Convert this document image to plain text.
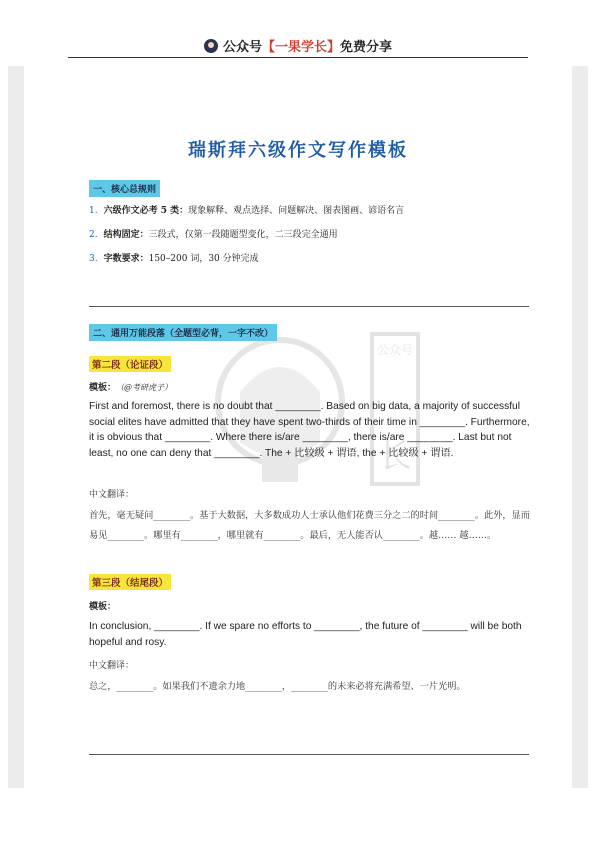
公众号【一果学长】免费分享
公众号
长
瑞斯拜六级作文写作模板
一、核心总规则
1. 六级作文必考 5 类：现象解释、观点选择、问题解决、图表图画、谚语名言
2. 结构固定：三段式，仅第一段随题型变化，二三段完全通用
3. 字数要求：150–200 词，30 分钟完成
二、通用万能段落（全题型必背，一字不改）
第二段（论证段）
模板：（@考研虎子）
First and foremost, there is no doubt that ________. Based on big data, a majority of successful social elites have admitted that they have spent two-thirds of their time in ________. Furthermore, it is obvious that ________. Where there is/are ________, there is/are ________. Last but not least, no one can deny that ________. The + 比较级 + 谓语, the + 比较级 + 谓语.
中文翻译：
首先，毫无疑问________。基于大数据，大多数成功人士承认他们花费三分之二的时间________。此外，显而易见________。哪里有________，哪里就有________。最后，无人能否认________。越…… 越……。
第三段（结尾段）
模板：
In conclusion, ________. If we spare no efforts to ________, the future of ________ will be both hopeful and rosy.
中文翻译：
总之，________。如果我们不遗余力地________，________的未来必将充满希望、一片光明。
